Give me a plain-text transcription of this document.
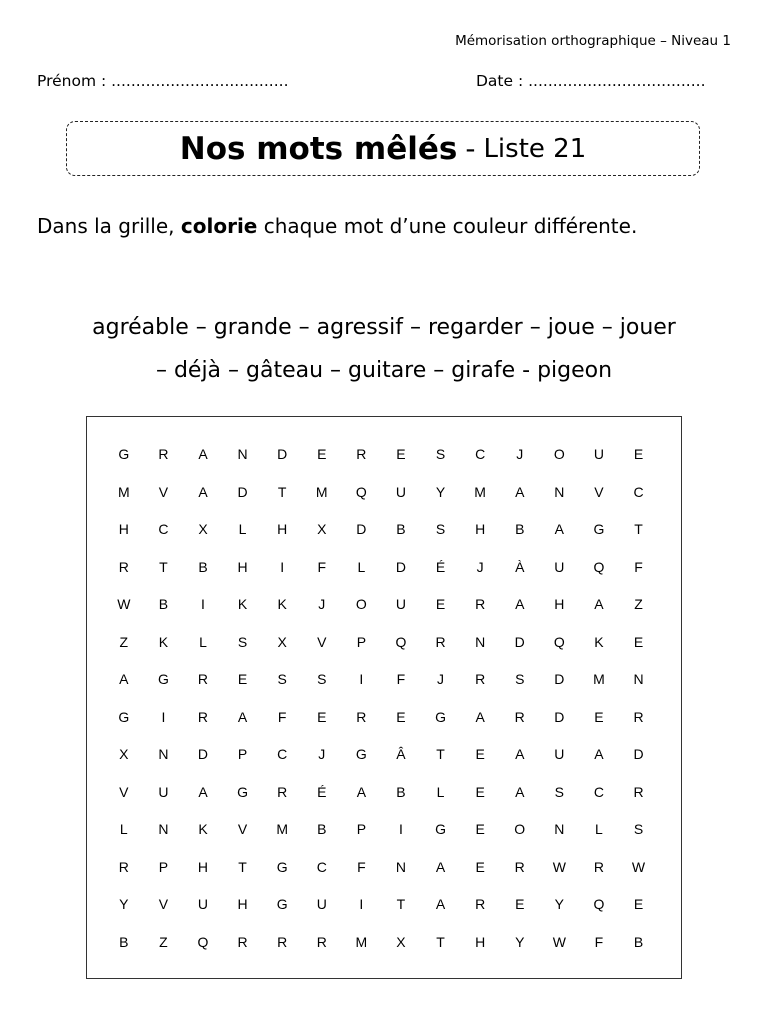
Mémorisation orthographique – Niveau 1
Prénom : ....................................	Date : ....................................
Nos mots mêlés - Liste 21
Dans la grille, colorie chaque mot d’une couleur différente.
agréable – grande – agressif – regarder – joue – jouer
– déjà – gâteau – guitare – girafe - pigeon
G	R	A	N	D	E	R	E	S	C	J	O	U	E
M	V	A	D	T	M	Q	U	Y	M	A	N	V	C
H	C	X	L	H	X	D	B	S	H	B	A	G	T
R	T	B	H	I	F	L	D	É	J	À	U	Q	F
W	B	I	K	K	J	O	U	E	R	A	H	A	Z
Z	K	L	S	X	V	P	Q	R	N	D	Q	K	E
A	G	R	E	S	S	I	F	J	R	S	D	M	N
G	I	R	A	F	E	R	E	G	A	R	D	E	R
X	N	D	P	C	J	G	Â	T	E	A	U	A	D
V	U	A	G	R	É	A	B	L	E	A	S	C	R
L	N	K	V	M	B	P	I	G	E	O	N	L	S
R	P	H	T	G	C	F	N	A	E	R	W	R	W
Y	V	U	H	G	U	I	T	A	R	E	Y	Q	E
B	Z	Q	R	R	R	M	X	T	H	Y	W	F	B
